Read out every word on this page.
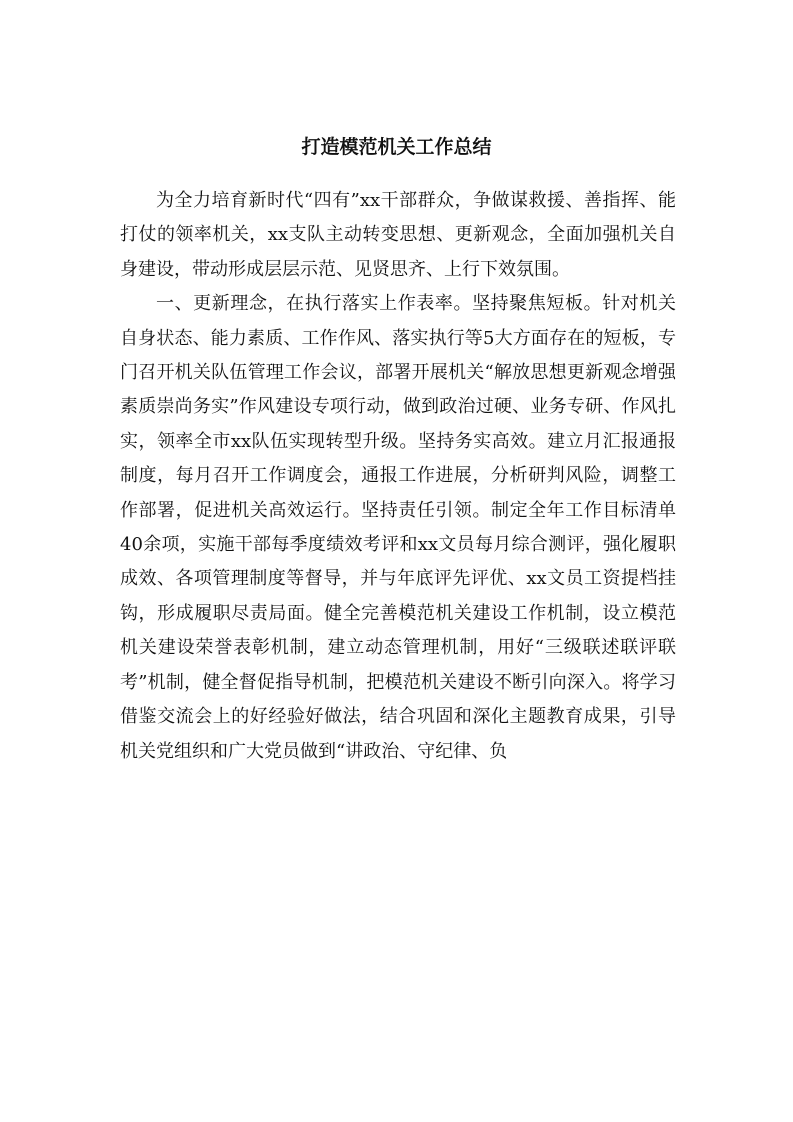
打造模范机关工作总结

为全力培育新时代“四有”xx干部群众，争做谋救援、善指挥、能打仗的领率机关，xx支队主动转变思想、更新观念，全面加强机关自身建设，带动形成层层示范、见贤思齐、上行下效氛围。

一、更新理念，在执行落实上作表率。坚持聚焦短板。针对机关自身状态、能力素质、工作作风、落实执行等5大方面存在的短板，专门召开机关队伍管理工作会议，部署开展机关“解放思想更新观念增强素质崇尚务实”作风建设专项行动，做到政治过硬、业务专研、作风扎实，领率全市xx队伍实现转型升级。坚持务实高效。建立月汇报通报制度，每月召开工作调度会，通报工作进展，分析研判风险，调整工作部署，促进机关高效运行。坚持责任引领。制定全年工作目标清单40余项，实施干部每季度绩效考评和xx文员每月综合测评，强化履职成效、各项管理制度等督导，并与年底评先评优、xx文员工资提档挂钩，形成履职尽责局面。健全完善模范机关建设工作机制，设立模范机关建设荣誉表彰机制，建立动态管理机制，用好“三级联述联评联考”机制，健全督促指导机制，把模范机关建设不断引向深入。将学习借鉴交流会上的好经验好做法，结合巩固和深化主题教育成果，引导机关党组织和广大党员做到“讲政治、守纪律、负
